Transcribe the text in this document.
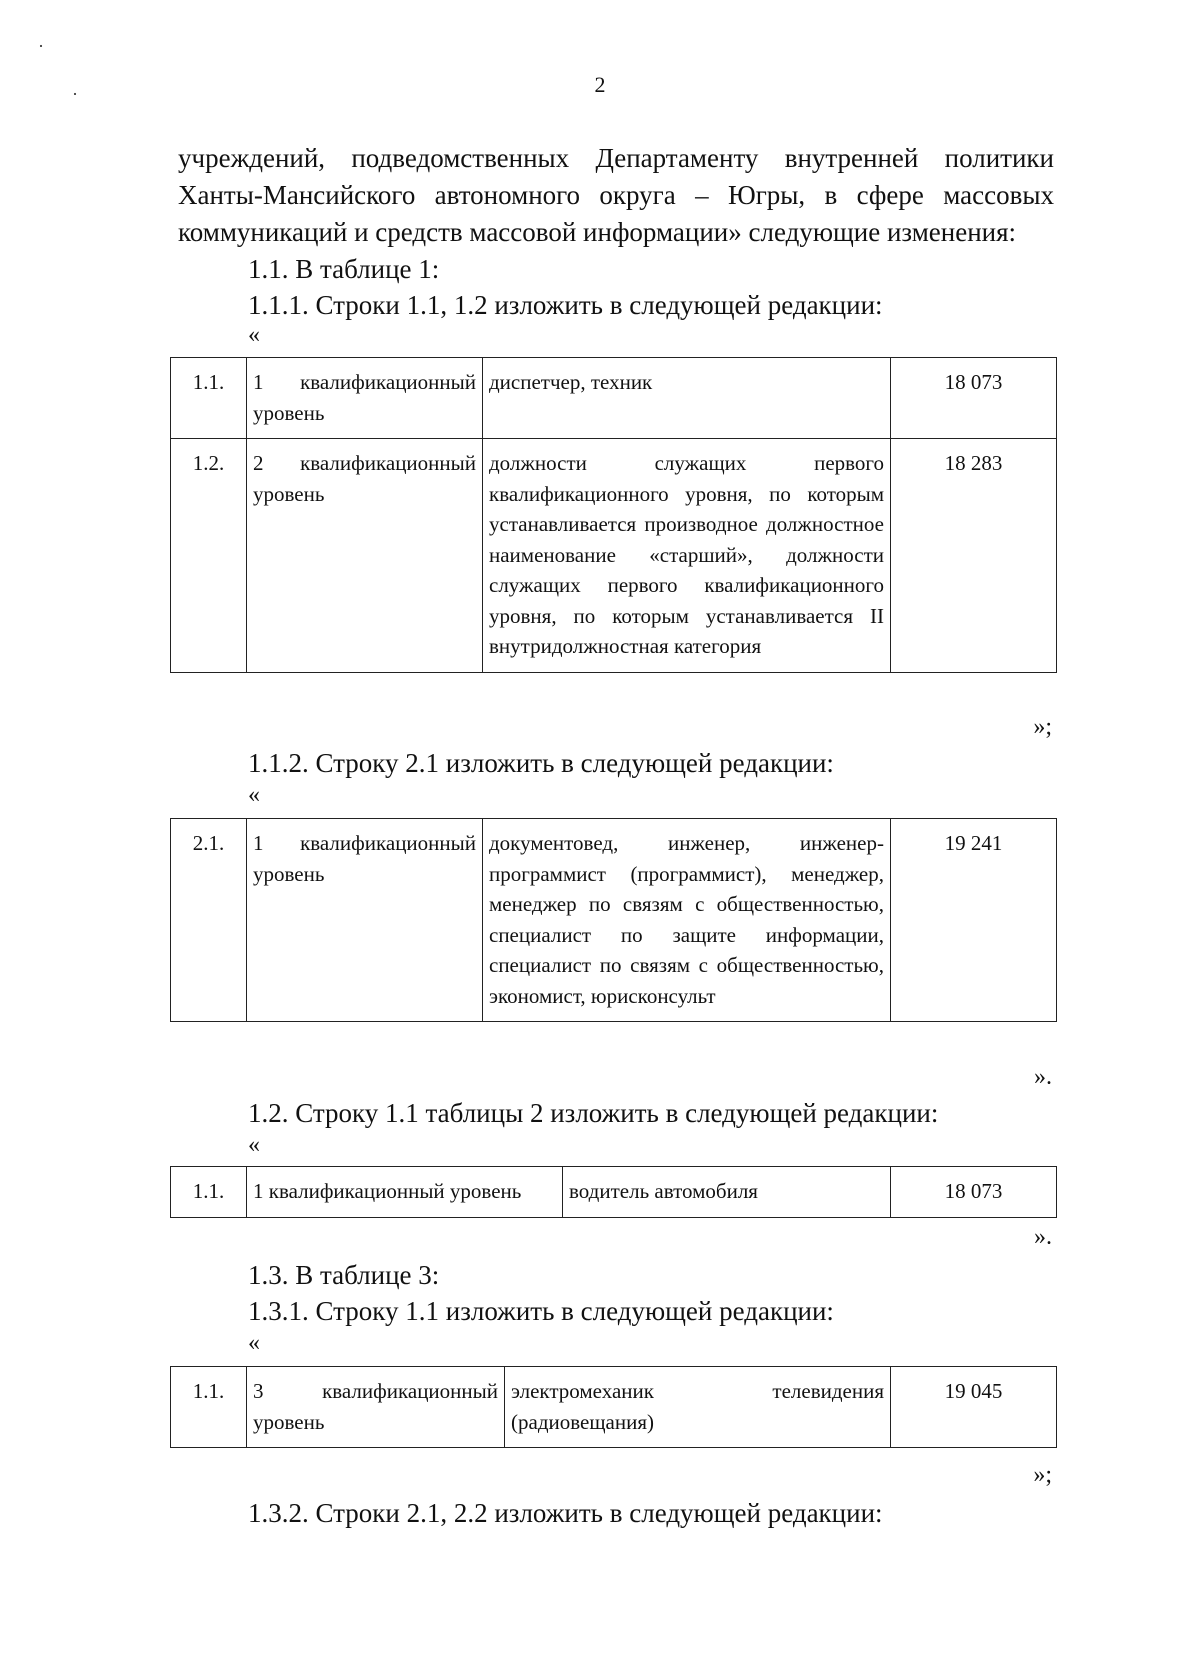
·
·	2
учреждений, подведомственных Департаменту внутренней политики
Ханты-Мансийского автономного округа – Югры, в сфере массовых
коммуникаций и средств массовой информации» следующие изменения:
1.1. В таблице 1:
1.1.1. Строки 1.1, 1.2 изложить в следующей редакции:
«
1.1.	1 квалификационный уровень	диспетчер, техник	18 073
1.2.	2 квалификационный уровень	должности служащих первого квалификационного уровня, по которым устанавливается производное должностное наименование «старший», должности служащих первого квалификационного уровня, по которым устанавливается II внутридолжностная категория	18 283
»;
1.1.2. Строку 2.1 изложить в следующей редакции:
«
2.1.	1 квалификационный уровень	документовед, инженер, инженер-программист (программист), менеджер, менеджер по связям с общественностью, специалист по защите информации, специалист по связям с общественностью, экономист, юрисконсульт	19 241
».
1.2. Строку 1.1 таблицы 2 изложить в следующей редакции:
«
1.1.	1 квалификационный уровень	водитель автомобиля	18 073
».
1.3. В таблице 3:
1.3.1. Строку 1.1 изложить в следующей редакции:
«
1.1.	3 квалификационный уровень	электромеханик телевидения (радиовещания)	19 045
»;
1.3.2. Строки 2.1, 2.2 изложить в следующей редакции:
